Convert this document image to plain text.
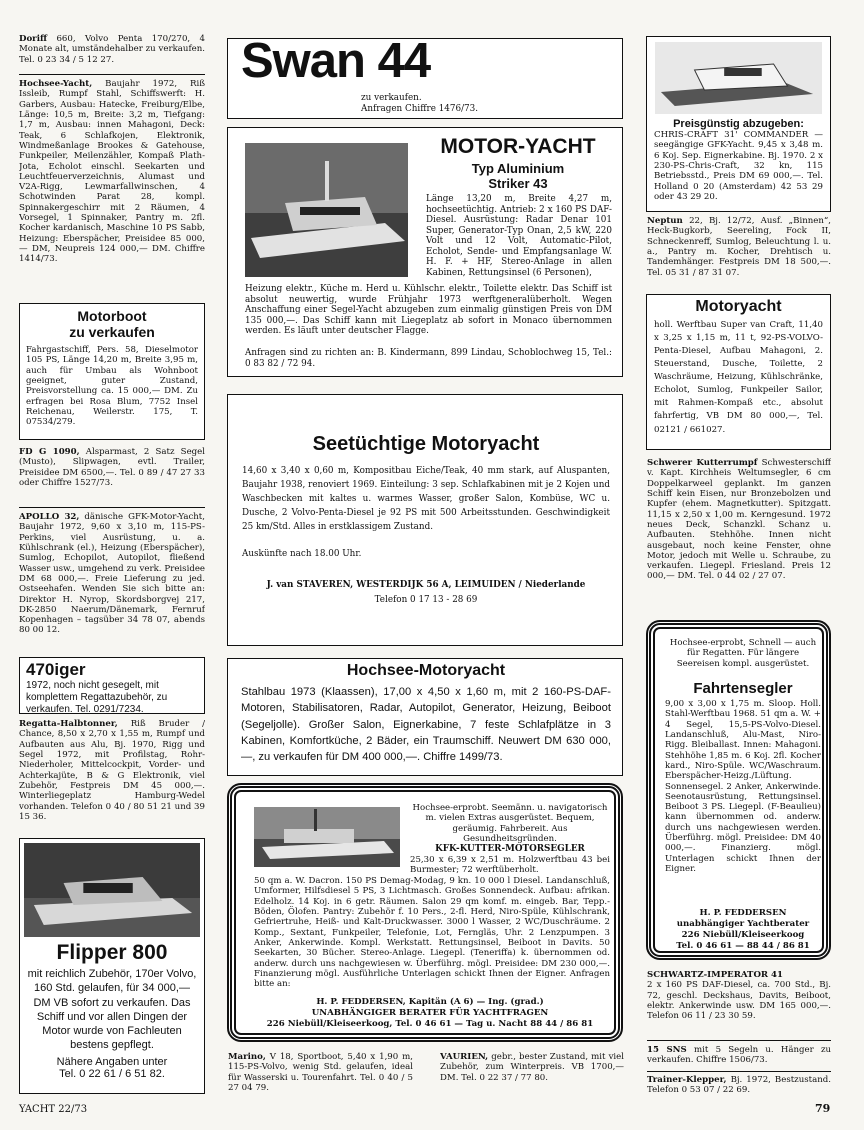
Doriff 660, Volvo Penta 170/270, 4 Monate alt, umständehalber zu verkaufen. Tel. 0 23 34 / 5 12 27.

Hochsee-Yacht, Baujahr 1972, Riß Issleib, Rumpf Stahl, Schiffswerft: H. Garbers, Ausbau: Hatecke, Freiburg/Elbe, Länge: 10,5 m, Breite: 3,2 m, Tiefgang: 1,7 m, Ausbau: innen Mahagoni, Deck: Teak, 6 Schlafkojen, Elektronik, Windmeßanlage Brookes & Gatehouse, Funkpeiler, Meilenzähler, Kompaß Plath-Jota, Echolot einschl. Seekarten und Leuchtfeuerverzeichnis, Alumast und V2A-Rigg, Lewmarfallwinschen, 4 Schotwinden Parat 28, kompl. Spinnakergeschirr mit 2 Räumen, 4 Vorsegel, 1 Spinnaker, Pantry m. 2fl. Kocher kardanisch, Maschine 10 PS Sabb, Heizung: Eberspächer, Preisidee 85 000,— DM, Neupreis 124 000,— DM. Chiffre 1414/73.

Motorboot
zu verkaufen

Fahrgastschiff, Pers. 58, Dieselmotor 105 PS, Länge 14,20 m, Breite 3,95 m, auch für Umbau als Wohnboot geeignet, guter Zustand, Preisvorstellung ca. 15 000,— DM. Zu erfragen bei Rosa Blum, 7752 Insel Reichenau, Weilerstr. 175, T. 07534/279.

FD G 1090, Alsparmast, 2 Satz Segel (Musto), Slipwagen, evtl. Trailer, Preisidee DM 6500,—. Tel. 0 89 / 47 27 33 oder Chiffre 1527/73.

APOLLO 32, dänische GFK-Motor-Yacht, Baujahr 1972, 9,60 x 3,10 m, 115-PS-Perkins, viel Ausrüstung, u. a. Kühlschrank (el.), Heizung (Eberspächer), Sumlog, Echopilot, Autopilot, fließend Wasser usw., umgehend zu verk. Preisidee DM 68 000,—. Freie Lieferung zu jed. Ostseehafen. Wenden Sie sich bitte an: Direktor H. Nyrop, Skordsborgvej 217, DK-2850 Naerum/Dänemark, Fernruf Kopenhagen – tagsüber 34 78 07, abends 80 00 12.

470iger

1972, noch nicht gesegelt, mit komplettem Regattazubehör, zu verkaufen. Tel. 0291/7234.

Regatta-Halbtonner, Riß Bruder / Chance, 8,50 x 2,70 x 1,55 m, Rumpf und Aufbauten aus Alu, Bj. 1970, Rigg und Segel 1972, mit Profilstag, Rohr-Niederholer, Mittelcockpit, Vorder- und Achterkajüte, B & G Elektronik, viel Zubehör, Festpreis DM 45 000,—. Winterliegeplatz Hamburg-Wedel vorhanden. Telefon 0 40 / 80 51 21 und 39 15 36.

Flipper 800

mit reichlich Zubehör, 170er Volvo, 160 Std. gelaufen, für 34 000,— DM VB sofort zu verkaufen. Das Schiff und vor allen Dingen der Motor wurde von Fachleuten bestens gepflegt.

Nähere Angaben unter

Tel. 0 22 61 / 6 51 82.

Swan 44
zu verkaufen.
Anfragen Chiffre 1476/73.
MOTOR-YACHT
Typ Aluminium
Striker 43

Länge 13,20 m, Breite 4,27 m, hochseetüchtig. Antrieb: 2 x 160 PS DAF-Diesel. Ausrüstung: Radar Denar 101 Super, Generator-Typ Onan, 2,5 kW, 220 Volt und 12 Volt, Automatic-Pilot, Echolot, Sende- und Empfangsanlage W. H. F. + HF, Stereo-Anlage in allen Kabinen, Rettungsinsel (6 Personen),

Heizung elektr., Küche m. Herd u. Kühlschr. elektr., Toilette elektr. Das Schiff ist absolut neuwertig, wurde Frühjahr 1973 werftgeneralüberholt. Wegen Anschaffung einer Segel-Yacht abzugeben zum einmalig günstigen Preis von DM 135 000,—. Das Schiff kann mit Liegeplatz ab sofort in Monaco übernommen werden. Es läuft unter deutscher Flagge.

Anfragen sind zu richten an: B. Kindermann, 899 Lindau, Schoblochweg 15, Tel.: 0 83 82 / 72 94.

Seetüchtige Motoryacht

14,60 x 3,40 x 0,60 m, Kompositbau Eiche/Teak, 40 mm stark, auf Aluspanten, Baujahr 1938, renoviert 1969. Einteilung: 3 sep. Schlafkabinen mit je 2 Kojen und Waschbecken mit kaltes u. warmes Wasser, großer Salon, Kombüse, WC u. Dusche, 2 Volvo-Penta-Diesel je 92 PS mit 500 Arbeitsstunden. Geschwindigkeit 25 km/Std. Alles in erstklassigem Zustand.

Auskünfte nach 18.00 Uhr.

J. van STAVEREN, WESTERDIJK 56 A, LEIMUIDEN / Niederlande

Telefon 0 17 13 - 28 69

Hochsee-Motoryacht

Stahlbau 1973 (Klaassen), 17,00 x 4,50 x 1,60 m, mit 2 160-PS-DAF-Motoren, Stabilisatoren, Radar, Autopilot, Generator, Heizung, Beiboot (Segeljolle). Großer Salon, Eignerkabine, 7 feste Schlafplätze in 3 Kabinen, Komfortküche, 2 Bäder, ein Traumschiff. Neuwert DM 630 000,—, zu verkaufen für DM 400 000,—. Chiffre 1499/73.

Hochsee-erprobt. Seemänn. u. navigatorisch m. vielen Extras ausgerüstet. Bequem, geräumig. Fahrbereit. Aus Gesundheitsgründen.

KFK-KUTTER-MOTORSEGLER

25,30 x 6,39 x 2,51 m. Holzwerftbau 43 bei Burmester; 72 werftüberholt.

50 qm a. W. Dacron. 150 PS Demag-Modag, 9 kn. 10 000 l Diesel. Landanschluß, Umformer, Hilfsdiesel 5 PS, 3 Lichtmasch. Großes Sonnendeck. Aufbau: afrikan. Edelholz. 14 Koj. in 6 getr. Räumen. Salon 29 qm komf. m. eingeb. Bar, Tepp.-Böden, Ölofen. Pantry: Zubehör f. 10 Pers., 2-fl. Herd, Niro-Spüle, Kühlschrank, Gefriertruhe, Heiß- und Kalt-Druckwasser. 3000 l Wasser, 2 WC/Duschräume. 2 Komp., Sextant, Funkpeiler, Telefonie, Lot, Ferngläs, Uhr. 2 Lenzpumpen. 3 Anker, Ankerwinde. Kompl. Werkstatt. Rettungsinsel, Beiboot in Davits. 50 Seekarten, 30 Bücher. Stereo-Anlage. Liegepl. (Teneriffa) k. übernommen od. anderw. durch uns nachgewiesen w. Überführg. mögl. Preisidee: DM 230 000,—. Finanzierung mögl. Ausführliche Unterlagen schickt Ihnen der Eigner. Anfragen bitte an:

H. P. FEDDERSEN, Kapitän (A 6) — Ing. (grad.)

UNABHÄNGIGER BERATER FÜR YACHTFRAGEN

226 Niebüll/Kleiseerkoog, Tel. 0 46 61 — Tag u. Nacht 88 44 / 86 81

Marino, V 18, Sportboot, 5,40 x 1,90 m, 115-PS-Volvo, wenig Std. gelaufen, ideal für Wasserski u. Tourenfahrt. Tel. 0 40 / 5 27 04 79.

VAURIEN, gebr., bester Zustand, mit viel Zubehör, zum Winterpreis. VB 1700,— DM. Tel. 0 22 37 / 77 80.

Preisgünstig abzugeben:

CHRIS-CRAFT 31' COMMANDER — seegängige GFK-Yacht. 9,45 x 3,48 m. 6 Koj. Sep. Eignerkabine. Bj. 1970. 2 x 230-PS-Chris-Craft, 32 kn, 115 Betriebsstd., Preis DM 69 000,—. Tel. Holland 0 20 (Amsterdam) 42 53 29 oder 43 29 20.

Neptun 22, Bj. 12/72, Ausf. „Binnen“, Heck-Bugkorb, Seereling, Fock II, Schneckenreff, Sumlog, Beleuchtung l. u. a., Pantry m. Kocher, Drehtisch u. Tandemhänger. Festpreis DM 18 500,—. Tel. 05 31 / 87 31 07.

Motoryacht

holl. Werftbau Super van Craft, 11,40 x 3,25 x 1,15 m, 11 t, 92-PS-VOLVO-Penta-Diesel, Aufbau Mahagoni, 2. Steuerstand, Dusche, Toilette, 2 Waschräume, Heizung, Kühlschränke, Echolot, Sumlog, Funkpeiler Sailor, mit Rahmen-Kompaß etc., absolut fahrfertig, VB DM 80 000,—, Tel. 02121 / 661027.

Schwerer Kutterrumpf Schwesterschiff v. Kapt. Kirchheis Weltumsegler, 6 cm Doppelkarweel geplankt. Im ganzen Schiff kein Eisen, nur Bronzebolzen und Kupfer (ehem. Magnetkutter). Spitzgatt. 11,15 x 2,50 x 1,00 m. Kerngesund. 1972 neues Deck, Schanzkl. Schanz u. Aufbauten. Stehhöhe. Innen nicht ausgebaut, noch keine Fenster, ohne Motor, jedoch mit Welle u. Schraube, zu verkaufen. Liegepl. Friesland. Preis 12 000,— DM. Tel. 0 44 02 / 27 07.

Hochsee-erprobt, Schnell — auch für Regatten. Für längere Seereisen kompl. ausgerüstet.

Fahrtensegler

9,00 x 3,00 x 1,75 m. Sloop. Holl. Stahl-Werftbau 1968. 51 qm a. W. + 4 Segel, 15,5-PS-Volvo-Diesel. Landanschluß, Alu-Mast, Niro-Rigg. Bleiballast. Innen: Mahagoni. Stehhöhe 1,85 m. 6 Koj. 2fl. Kocher kard., Niro-Spüle. WC/Waschraum. Eberspächer-Heizg./Lüftung. Sonnensegel. 2 Anker, Ankerwinde. Seenotausrüstung, Rettungsinsel. Beiboot 3 PS. Liegepl. (F-Beaulieu) kann übernommen od. anderw. durch uns nachgewiesen werden. Überführg. mögl. Preisidee: DM 40 000,—. Finanzierg. mögl. Unterlagen schickt Ihnen der Eigner.

H. P. FEDDERSEN

unabhängiger Yachtberater

226 Niebüll/Kleiseerkoog

Tel. 0 46 61 — 88 44 / 86 81

SCHWARTZ-IMPERATOR 41

2 x 160 PS DAF-Diesel, ca. 700 Std., Bj. 72, geschl. Deckshaus, Davits, Beiboot, elektr. Ankerwinde usw. DM 165 000,—. Telefon 06 11 / 23 30 59.

15 SNS mit 5 Segeln u. Hänger zu verkaufen. Chiffre 1506/73.

Trainer-Klepper, Bj. 1972, Bestzustand. Telefon 0 53 07 / 22 69.

YACHT 22/73	79
